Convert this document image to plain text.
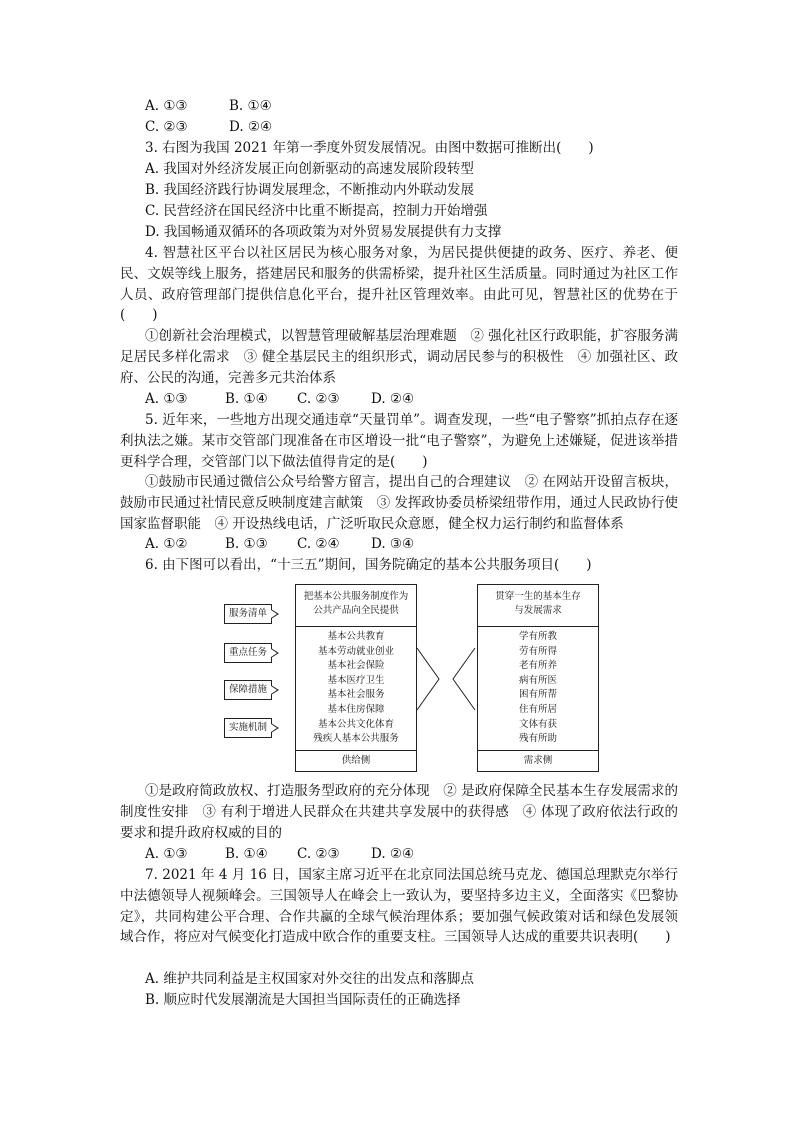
A. ①③	B. ①④
C. ②③	D. ②④
3. 右图为我国 2021 年第一季度外贸发展情况。由图中数据可推断出(　　)
A. 我国对外经济发展正向创新驱动的高速发展阶段转型
B. 我国经济践行协调发展理念，不断推动内外联动发展
C. 民营经济在国民经济中比重不断提高，控制力开始增强
D. 我国畅通双循环的各项政策为对外贸易发展提供有力支撑
4. 智慧社区平台以社区居民为核心服务对象，为居民提供便捷的政务、医疗、养老、便民、文娱等线上服务，搭建居民和服务的供需桥梁，提升社区生活质量。同时通过为社区工作人员、政府管理部门提供信息化平台，提升社区管理效率。由此可见，智慧社区的优势在于(　　)
①创新社会治理模式，以智慧管理破解基层治理难题　② 强化社区行政职能，扩容服务满足居民多样化需求　③ 健全基层民主的组织形式，调动居民参与的积极性　④ 加强社区、政府、公民的沟通，完善多元共治体系
A. ①③	B. ①④ C. ②③ D. ②④
5. 近年来，一些地方出现交通违章“天量罚单”。调查发现，一些“电子警察”抓拍点存在逐利执法之嫌。某市交管部门现准备在市区增设一批“电子警察”，为避免上述嫌疑，促进该举措更科学合理，交管部门以下做法值得肯定的是(　　)
①鼓励市民通过微信公众号给警方留言，提出自己的合理建议　② 在网站开设留言板块，鼓励市民通过社情民意反映制度建言献策　③ 发挥政协委员桥梁纽带作用，通过人民政协行使国家监督职能　④ 开设热线电话，广泛听取民众意愿，健全权力运行制约和监督体系
A. ①②	B. ①③ C. ②④ D. ③④
6. 由下图可以看出，“十三五”期间，国务院确定的基本公共服务项目(　　)
服务清单
重点任务
保障措施
实施机制
把基本公共服务制度作为
公共产品向全民提供
基本公共教育
基本劳动就业创业
基本社会保险
基本医疗卫生
基本社会服务
基本住房保障
基本公共文化体育
残疾人基本公共服务
供给侧
贯穿一生的基本生存
与发展需求
学有所教
劳有所得
老有所养
病有所医
困有所帮
住有所居
文体有获
残有所助
需求侧
①是政府简政放权、打造服务型政府的充分体现　② 是政府保障全民基本生存发展需求的制度性安排　③ 有利于增进人民群众在共建共享发展中的获得感　④ 体现了政府依法行政的要求和提升政府权威的目的
A. ①③	B. ①④ C. ②③ D. ②④
7. 2021 年 4 月 16 日，国家主席习近平在北京同法国总统马克龙、德国总理默克尔举行中法德领导人视频峰会。三国领导人在峰会上一致认为，要坚持多边主义，全面落实《巴黎协定》，共同构建公平合理、合作共赢的全球气候治理体系；要加强气候政策对话和绿色发展领域合作，将应对气候变化打造成中欧合作的重要支柱。三国领导人达成的重要共识表明(　　)
A. 维护共同利益是主权国家对外交往的出发点和落脚点
B. 顺应时代发展潮流是大国担当国际责任的正确选择
